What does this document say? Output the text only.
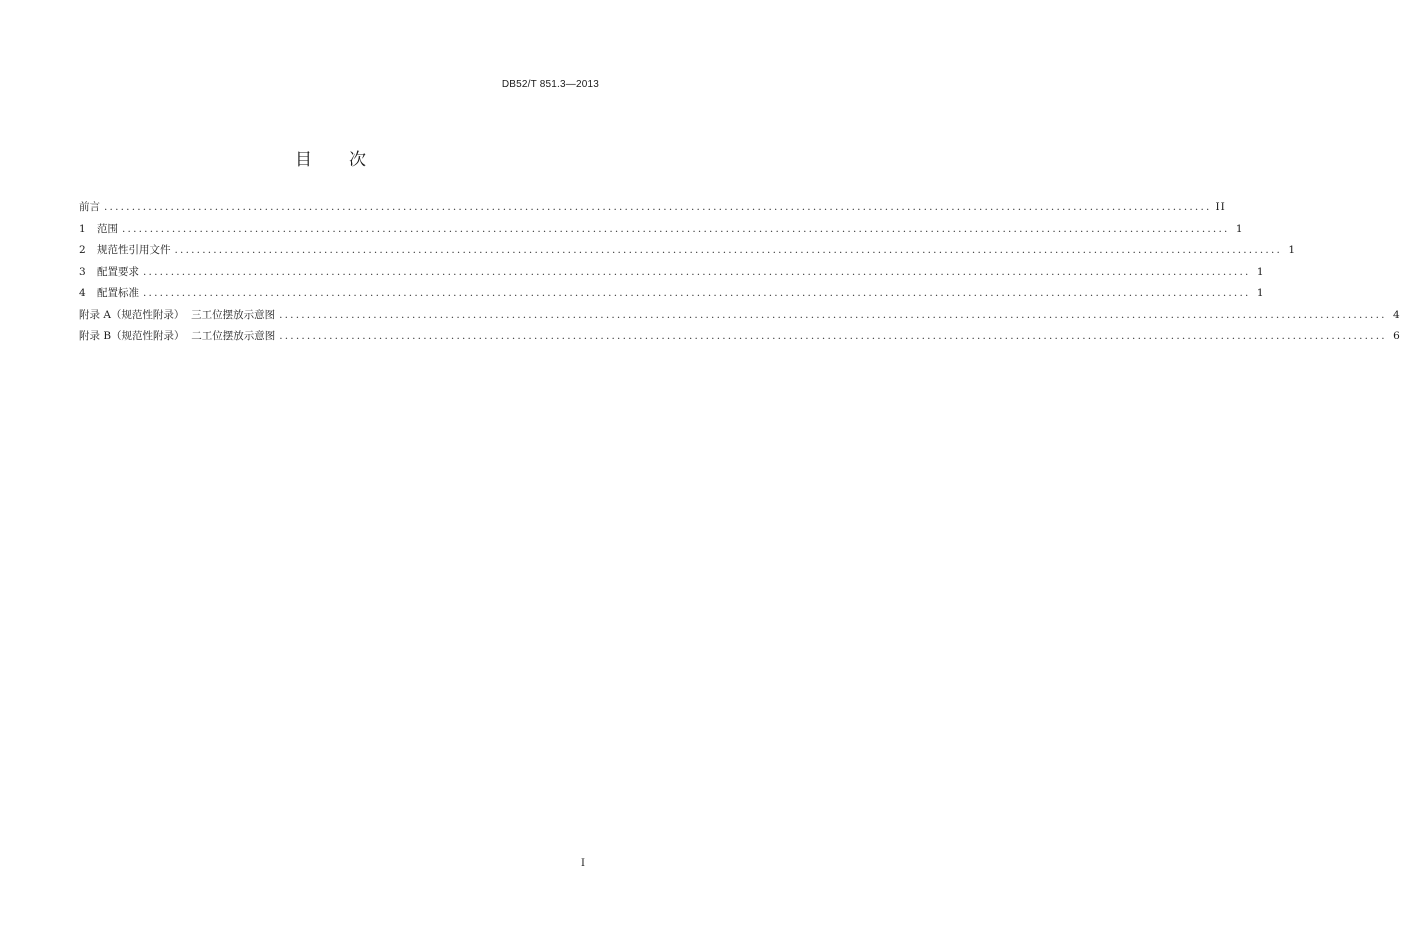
DB52/T 851.3—2013
目 次
前言 ........................................................................................................................................................................................................ II
1 范围 ........................................................................................................................................................................................................ 1
2 规范性引用文件 ........................................................................................................................................................................................................ 1
3 配置要求 ........................................................................................................................................................................................................ 1
4 配置标准 ........................................................................................................................................................................................................ 1
附录 A（规范性附录）  三工位摆放示意图 ........................................................................................................................................................................................................ 4
附录 B（规范性附录）  二工位摆放示意图 ........................................................................................................................................................................................................ 6
I
